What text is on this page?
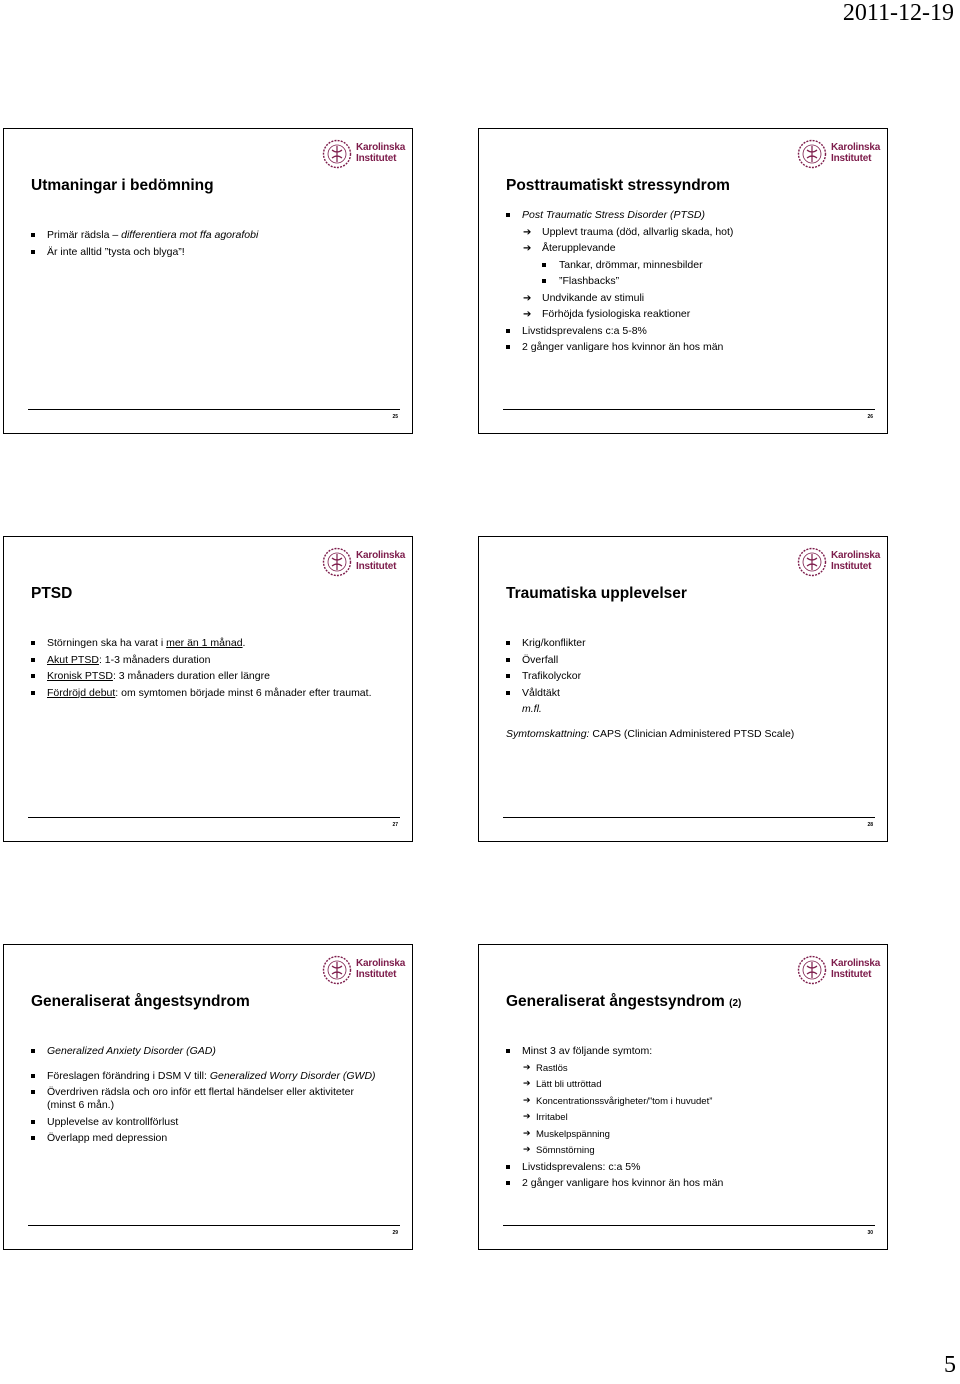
2011-12-19
Karolinska
Institutet
Utmaningar i bedömning
Primär rädsla – differentiera mot ffa agorafobi
Är inte alltid ”tysta och blyga”!
25
Karolinska
Institutet
Posttraumatiskt stressyndrom
Post Traumatic Stress Disorder (PTSD)
➔ Upplevt trauma (död, allvarlig skada, hot)
➔ Återupplevande
Tankar, drömmar, minnesbilder
”Flashbacks”
➔ Undvikande av stimuli
➔ Förhöjda fysiologiska reaktioner
Livstidsprevalens c:a 5-8%
2 gånger vanligare hos kvinnor än hos män
26
Karolinska
Institutet
PTSD
Störningen ska ha varat i mer än 1 månad.
Akut PTSD: 1-3 månaders duration
Kronisk PTSD: 3 månaders duration eller längre
Fördröjd debut: om symtomen började minst 6 månader efter traumat.
27
Karolinska
Institutet
Traumatiska upplevelser
Krig/konflikter
Överfall
Trafikolyckor
Våldtäkt
m.fl.
Symtomskattning: CAPS (Clinician Administered PTSD Scale)
28
Karolinska
Institutet
Generaliserat ångestsyndrom
Generalized Anxiety Disorder (GAD)
Föreslagen förändring i DSM V till: Generalized Worry Disorder (GWD)
Överdriven rädsla och oro inför ett flertal händelser eller aktiviteter (minst 6 mån.)
Upplevelse av kontrollförlust
Överlapp med depression
29
Karolinska
Institutet
Generaliserat ångestsyndrom (2)
Minst 3 av följande symtom:
➔ Rastlös
➔ Lätt bli uttröttad
➔ Koncentrationssvårigheter/”tom i huvudet”
➔ Irritabel
➔ Muskelpspänning
➔ Sömnstörning
Livstidsprevalens: c:a 5%
2 gånger vanligare hos kvinnor än hos män
30
5
